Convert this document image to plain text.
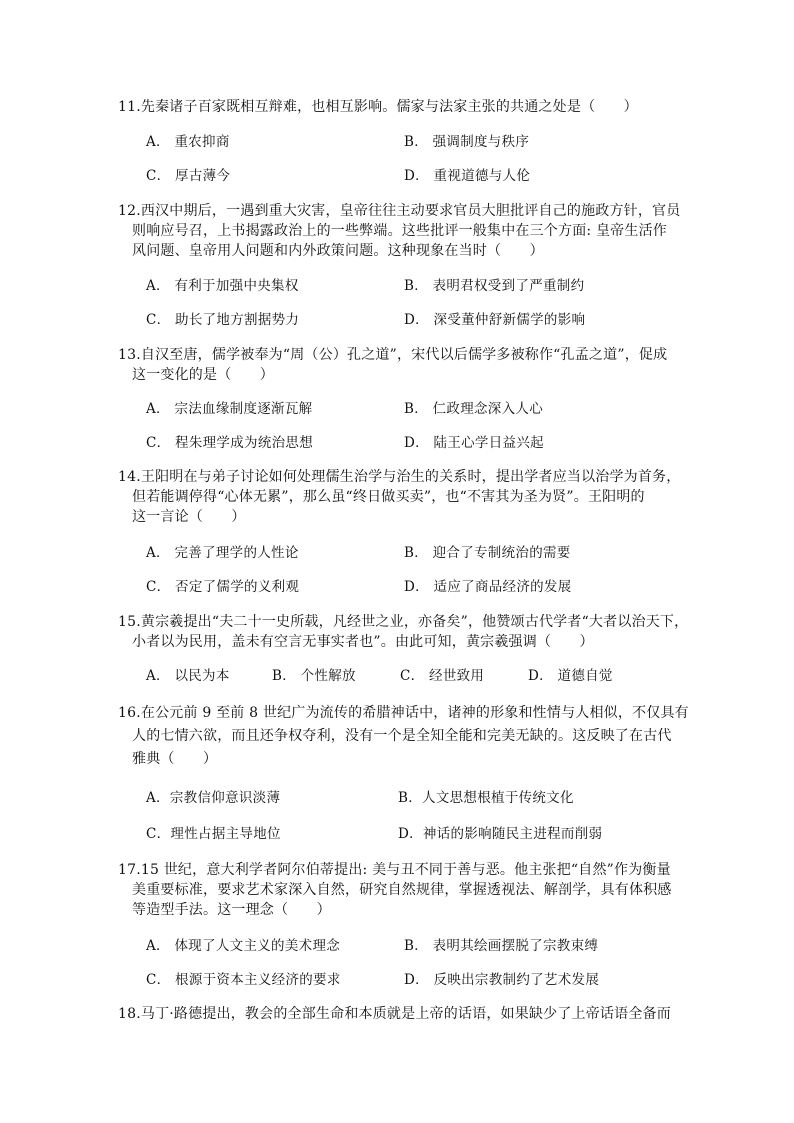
11.先秦诸子百家既相互辩难，也相互影响。儒家与法家主张的共通之处是（　　）
A． 重农抑商	B． 强调制度与秩序
C． 厚古薄今	D． 重视道德与人伦
12.西汉中期后，一遇到重大灾害，皇帝往往主动要求官员大胆批评自己的施政方针，官员
则响应号召，上书揭露政治上的一些弊端。这些批评一般集中在三个方面: 皇帝生活作
风问题、皇帝用人问题和内外政策问题。这种现象在当时（　　）
A． 有利于加强中央集权	B． 表明君权受到了严重制约
C． 助长了地方割据势力	D． 深受董仲舒新儒学的影响
13.自汉至唐，儒学被奉为“周（公）孔之道”，宋代以后儒学多被称作“孔孟之道”，促成
这一变化的是（　　）
A． 宗法血缘制度逐渐瓦解	B． 仁政理念深入人心
C． 程朱理学成为统治思想	D． 陆王心学日益兴起
14.王阳明在与弟子讨论如何处理儒生治学与治生的关系时，提出学者应当以治学为首务，
但若能调停得“心体无累”，那么虽“终日做买卖”，也“不害其为圣为贤”。王阳明的
这一言论（　　）
A． 完善了理学的人性论	B． 迎合了专制统治的需要
C． 否定了儒学的义利观	D． 适应了商品经济的发展
15.黄宗羲提出“夫二十一史所载，凡经世之业，亦备矣”，他赞颂古代学者“大者以治天下，
小者以为民用，盖未有空言无事实者也”。由此可知，黄宗羲强调（　　）
A． 以民为本	B． 个性解放	C． 经世致用	D． 道德自觉
16.在公元前 9 至前 8 世纪广为流传的希腊神话中，诸神的形象和性情与人相似，不仅具有
人的七情六欲，而且还争权夺利，没有一个是全知全能和完美无缺的。这反映了在古代
雅典（　　）
A．宗教信仰意识淡薄	B．人文思想根植于传统文化
C．理性占据主导地位	D．神话的影响随民主进程而削弱
17.15 世纪，意大利学者阿尔伯蒂提出: 美与丑不同于善与恶。他主张把“自然”作为衡量
美重要标准，要求艺术家深入自然，研究自然规律，掌握透视法、解剖学，具有体积感
等造型手法。这一理念（　　）
A． 体现了人文主义的美术理念	B． 表明其绘画摆脱了宗教束缚
C． 根源于资本主义经济的要求	D． 反映出宗教制约了艺术发展
18.马丁·路德提出，教会的全部生命和本质就是上帝的话语，如果缺少了上帝话语全备而
